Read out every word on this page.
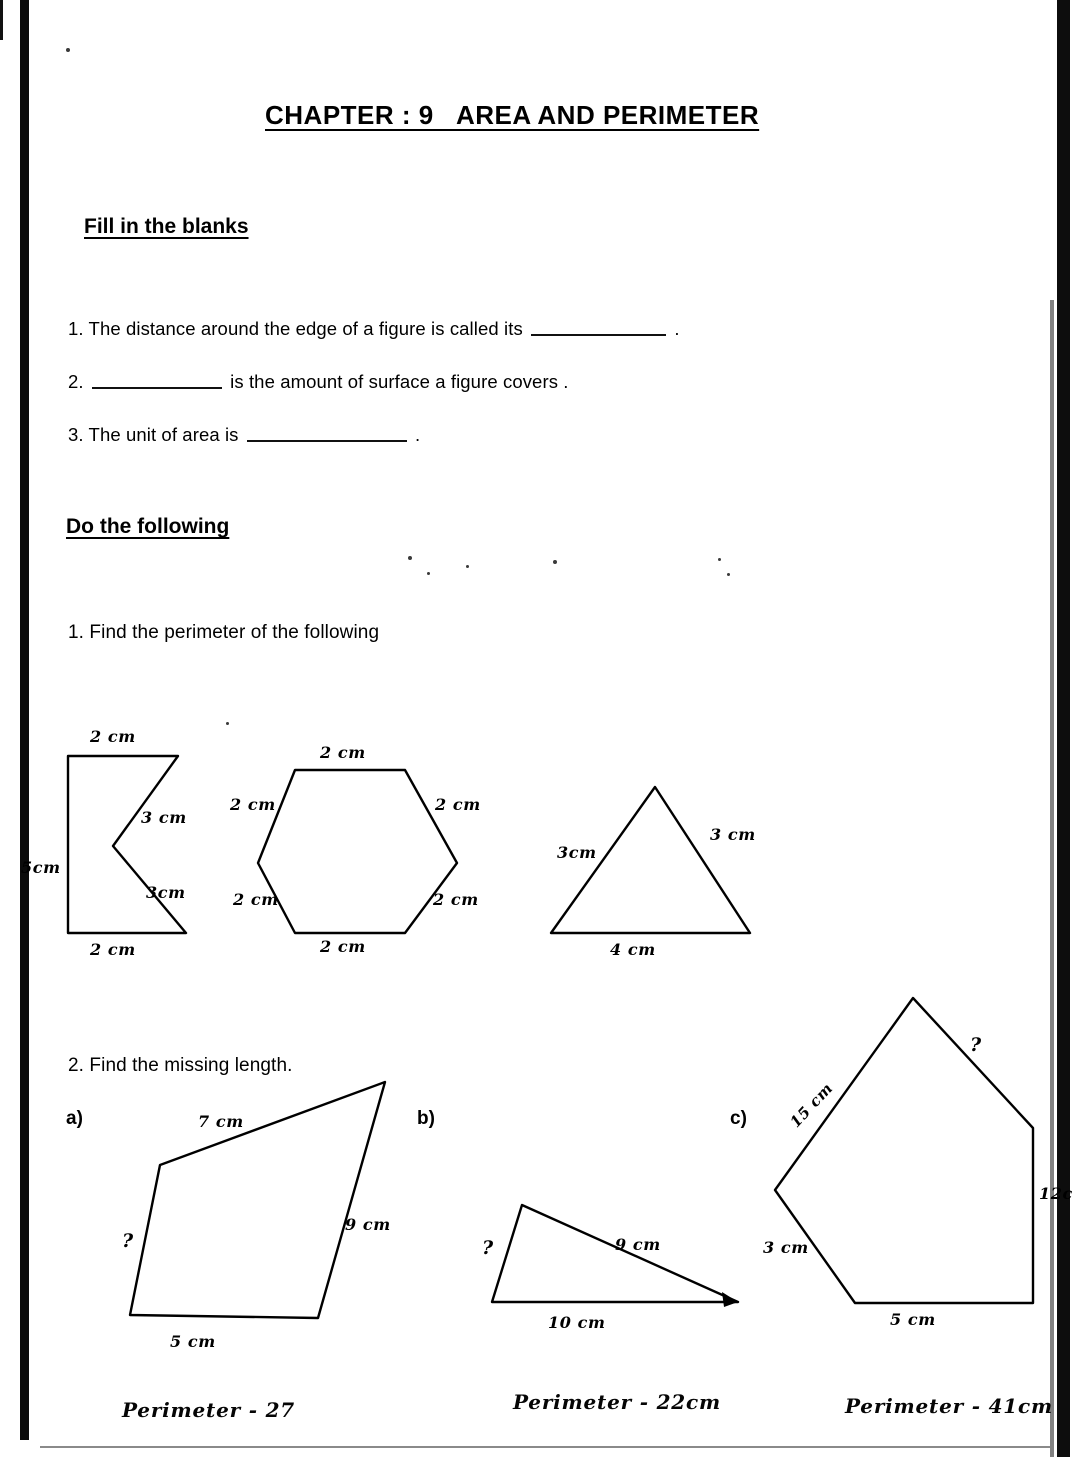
CHAPTER : 9   AREA AND PERIMETER
Fill in the blanks
1. The distance around the edge of a figure is called its	.
2.	is the amount of surface a figure covers .
3. The unit of area is	.
Do the following
1. Find the perimeter of the following
2. Find the missing length.
2 cm
3 cm
5cm
3cm
2 cm
2 cm
2 cm
2 cm
2 cm
2 cm
2 cm
3cm
3 cm
4 cm
a)	b)	c)
7 cm
9 cm
?
5 cm
?	9 cm
10 cm
15 cm
?
12c
5 cm
3 cm
Perimeter - 27	Perimeter - 22cm	Perimeter - 41cm
